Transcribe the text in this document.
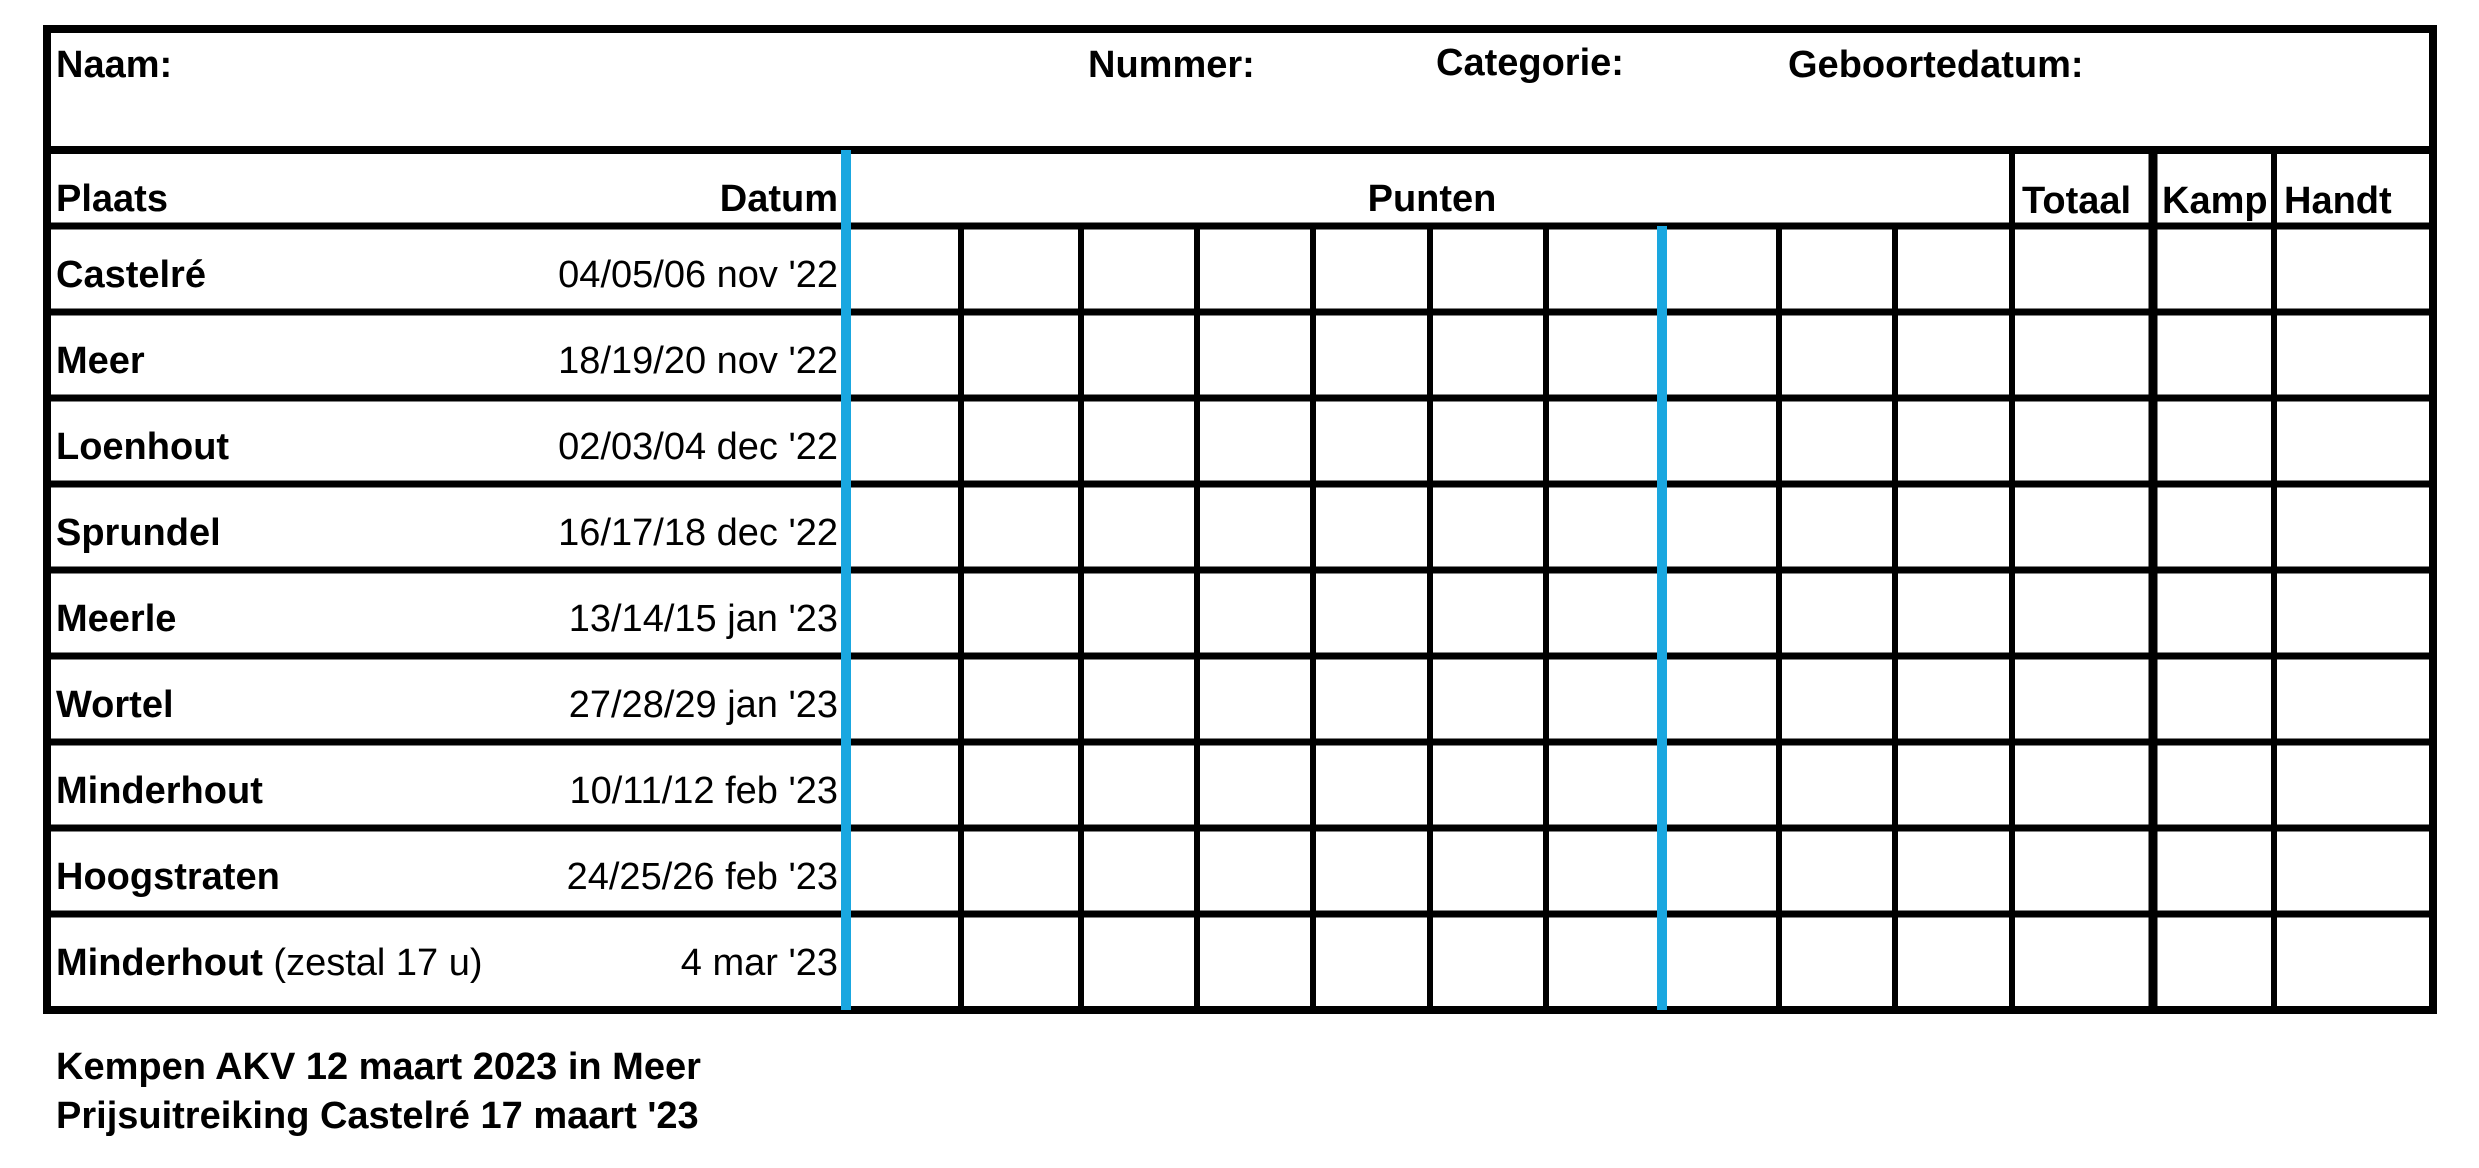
Naam:	Nummer:	Categorie:	Geboortedatum:
Plaats	Datum	Punten	Totaal Kamp Handt
Castelré	04/05/06 nov '22
Meer	18/19/20 nov '22
Loenhout	02/03/04 dec '22
Sprundel	16/17/18 dec '22
Meerle	13/14/15 jan '23
Wortel	27/28/29 jan '23
Minderhout	10/11/12 feb '23
Hoogstraten	24/25/26 feb '23
Minderhout (zestal 17 u)	4 mar '23
Kempen AKV 12 maart 2023 in Meer
Prijsuitreiking Castelré 17 maart '23
